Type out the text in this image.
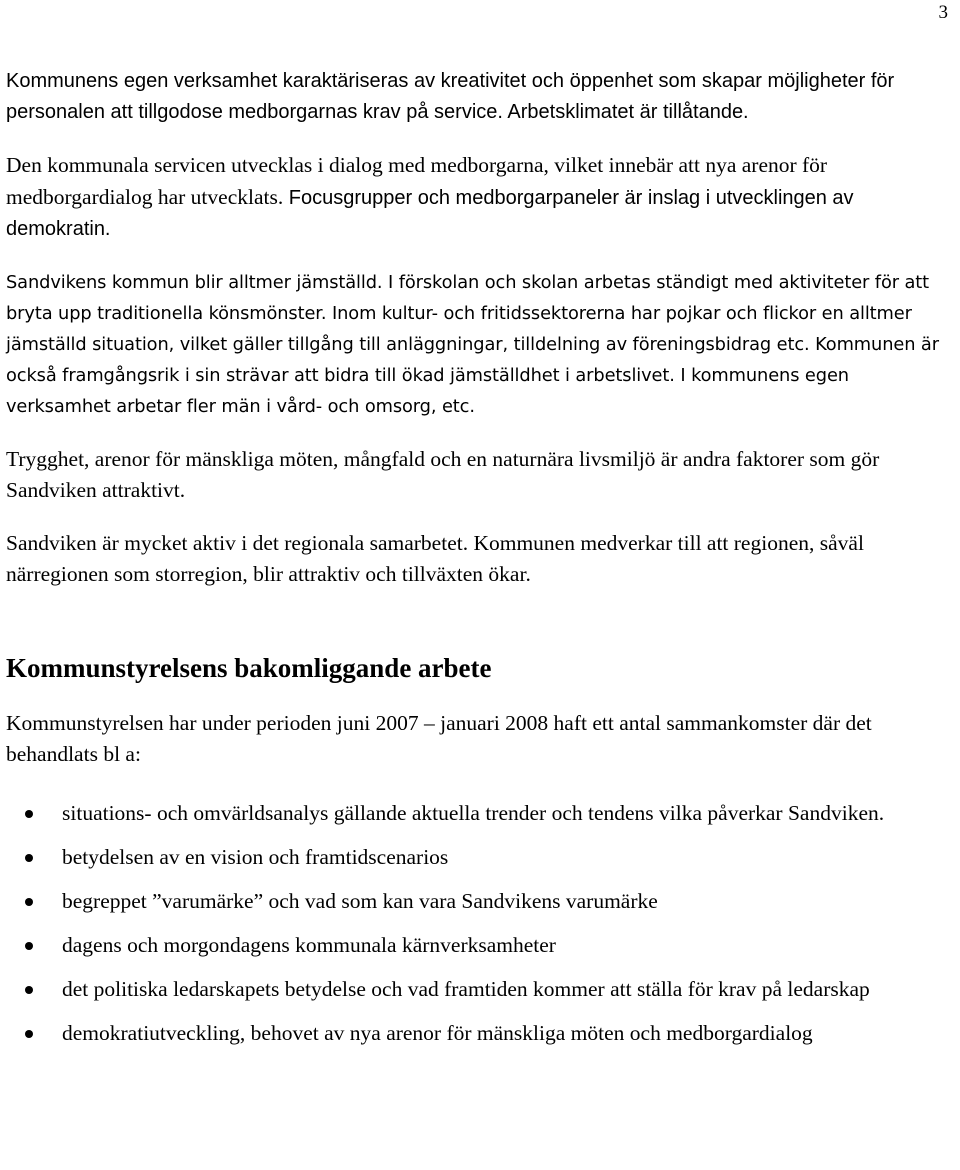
3

Kommunens egen verksamhet karaktäriseras av kreativitet och öppenhet som skapar möjligheter för personalen att tillgodose medborgarnas krav på service. Arbetsklimatet är tillåtande.

Den kommunala servicen utvecklas i dialog med medborgarna, vilket innebär att nya arenor för medborgardialog har utvecklats. Focusgrupper och medborgarpaneler är inslag i utvecklingen av demokratin.

Sandvikens kommun blir alltmer jämställd. I förskolan och skolan arbetas ständigt med aktiviteter för att bryta upp traditionella könsmönster. Inom kultur- och fritidssektorerna har pojkar och flickor en alltmer jämställd situation, vilket gäller tillgång till anläggningar, tilldelning av föreningsbidrag etc. Kommunen är också framgångsrik i sin strävar att bidra till ökad jämställdhet i arbetslivet. I kommunens egen verksamhet arbetar fler män i vård- och omsorg, etc.

Trygghet, arenor för mänskliga möten, mångfald och en naturnära livsmiljö är andra faktorer som gör Sandviken attraktivt.

Sandviken är mycket aktiv i det regionala samarbetet. Kommunen medverkar till att regionen, såväl närregionen som storregion, blir attraktiv och tillväxten ökar.

Kommunstyrelsens bakomliggande arbete

Kommunstyrelsen har under perioden juni 2007 – januari 2008 haft ett antal sammankomster där det behandlats bl a:

situations- och omvärldsanalys gällande aktuella trender och tendens vilka påverkar Sandviken.
betydelsen av en vision och framtidscenarios
begreppet ”varumärke” och vad som kan vara Sandvikens varumärke
dagens och morgondagens kommunala kärnverksamheter
det politiska ledarskapets betydelse och vad framtiden kommer att ställa för krav på ledarskap
demokratiutveckling, behovet av nya arenor för mänskliga möten och medborgardialog
